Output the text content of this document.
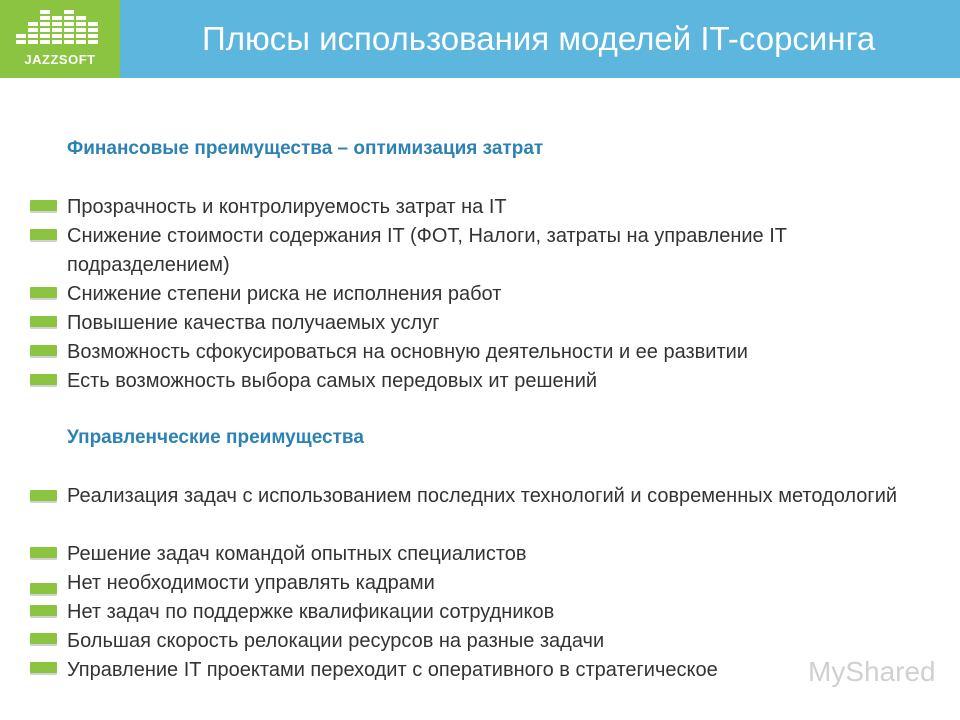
JAZZSOFT
Плюсы использования моделей IT-сорсинга
Финансовые преимущества – оптимизация затрат
Прозрачность и контролируемость затрат на IT
Снижение стоимости содержания IT (ФОТ, Налоги, затраты на управление IT подразделением)
Снижение степени риска не исполнения работ
Повышение качества получаемых услуг
Возможность сфокусироваться на основную деятельности и ее развитии
Есть возможность выбора самых передовых ит решений
Управленческие преимущества
Реализация задач с использованием последних технологий и современных методологий
Решение задач командой опытных специалистов
Нет необходимости управлять кадрами
Нет задач по поддержке квалификации сотрудников
Большая скорость релокации ресурсов на разные задачи
Управление IT проектами переходит с оперативного в стратегическое	MyShared
